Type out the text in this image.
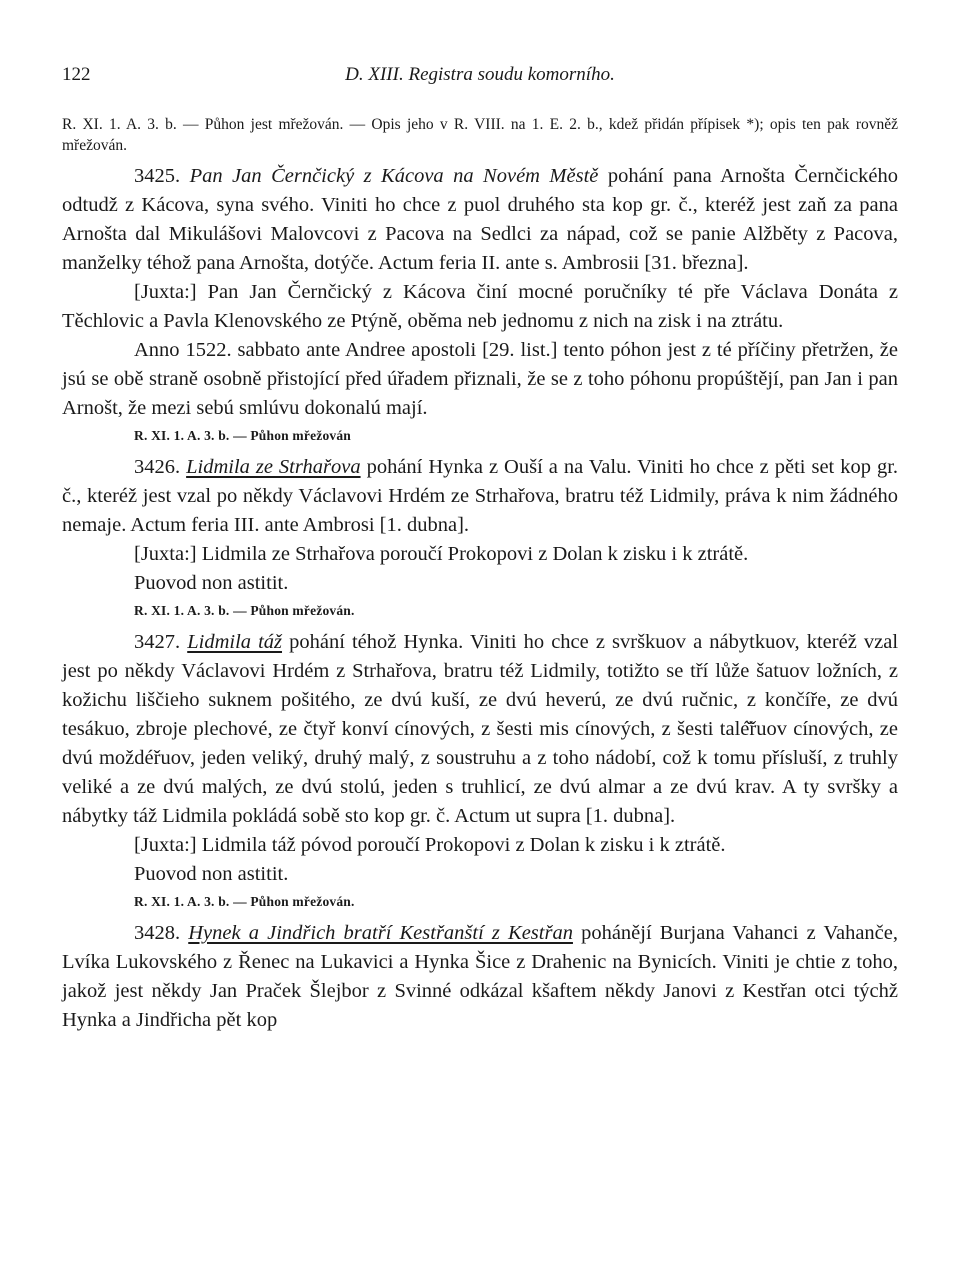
122	D. XIII. Registra soudu komorního.

R. XI. 1. A. 3. b. — Půhon jest mřežován. — Opis jeho v R. VIII. na 1. E. 2. b., kdež přidán přípisek *); opis ten pak rovněž mřežován.

3425. Pan Jan Černčický z Kácova na Novém Městě pohání pana Arnošta Černčického odtudž z Kácova, syna svého. Viniti ho chce z puol druhého sta kop gr. č., kteréž jest zaň za pana Arnošta dal Mikulášovi Malovcovi z Pacova na Sedlci za nápad, což se panie Alžběty z Pacova, manželky téhož pana Arnošta, dotýče. Actum feria II. ante s. Ambrosii [31. března].

[Juxta:] Pan Jan Černčický z Kácova činí mocné poručníky té pře Václava Donáta z Těchlovic a Pavla Klenovského ze Ptýně, oběma neb jednomu z nich na zisk i na ztrátu.

Anno 1522. sabbato ante Andree apostoli [29. list.] tento póhon jest z té příčiny přetržen, že jsú se obě straně osobně přistojící před úřadem přiznali, že se z toho póhonu propúštějí, pan Jan i pan Arnošt, že mezi sebú smlúvu dokonalú mají.

R. XI. 1. A. 3. b. — Půhon mřežován

3426. Lidmila ze Strhařova pohání Hynka z Ouší a na Valu. Viniti ho chce z pěti set kop gr. č., kteréž jest vzal po někdy Václavovi Hrdém ze Strhařova, bratru též Lidmily, práva k nim žádného nemaje. Actum feria III. ante Ambrosi [1. dubna].

[Juxta:] Lidmila ze Strhařova poroučí Prokopovi z Dolan k zisku i k ztrátě.

Puovod non astitit.

R. XI. 1. A. 3. b. — Půhon mřežován.

3427. Lidmila táž pohání téhož Hynka. Viniti ho chce z svrškuov a nábytkuov, kteréž vzal jest po někdy Václavovi Hrdém z Strhařova, bratru též Lidmily, totižto se tří lůže šatuov ložních, z kožichu liščieho suknem pošitého, ze dvú kuší, ze dvú heverú, ze dvú ručnic, z končíře, ze dvú tesákuo, zbroje plechové, ze čtyř konví cínových, z šesti mis cínových, z šesti talé̌řuov cínových, ze dvú moždéřuov, jeden veliký, druhý malý, z soustruhu a z toho nádobí, což k tomu přísluší, z truhly veliké a ze dvú malých, ze dvú stolú, jeden s truhlicí, ze dvú almar a ze dvú krav. A ty svršky a nábytky táž Lidmila pokládá sobě sto kop gr. č. Actum ut supra [1. dubna].

[Juxta:] Lidmila táž póvod poroučí Prokopovi z Dolan k zisku i k ztrátě.

Puovod non astitit.

R. XI. 1. A. 3. b. — Půhon mřežován.

3428. Hynek a Jindřich bratří Kestřanští z Kestřan pohánějí Burjana Vahanci z Vahanče, Lvíka Lukovského z Řenec na Lukavici a Hynka Šice z Drahenic na Bynicích. Viniti je chtie z toho, jakož jest někdy Jan Praček Šlejbor z Svinné odkázal kšaftem někdy Janovi z Kestřan otci týchž Hynka a Jindřicha pět kop
